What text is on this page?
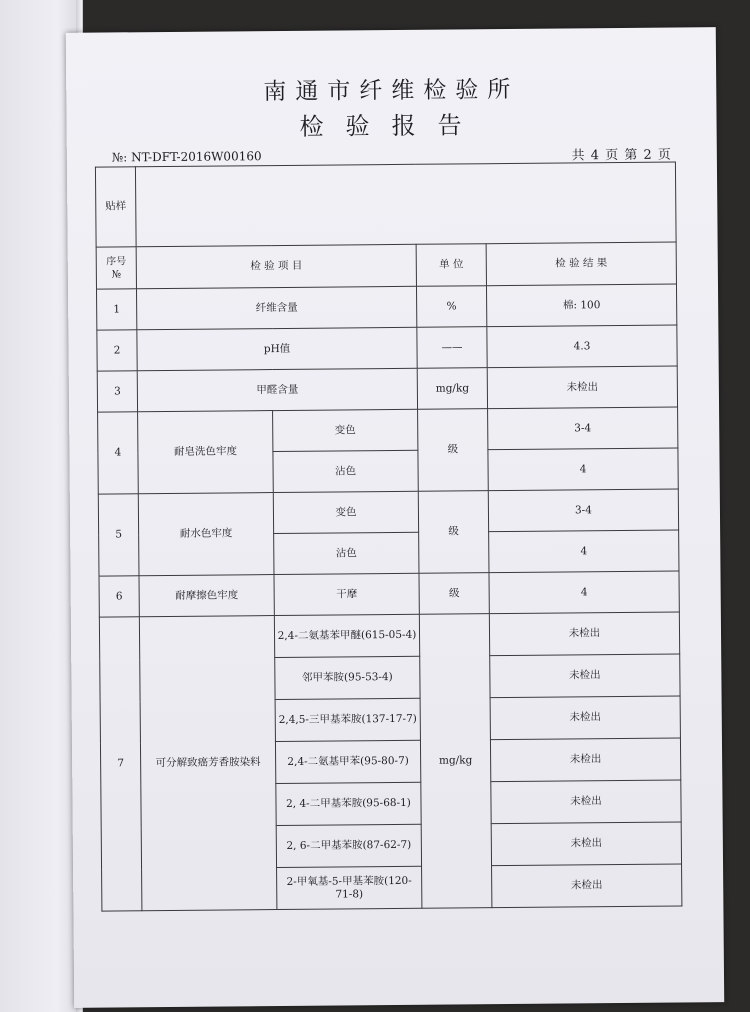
南通市纤维检验所
检验报告
№: NT-DFT-2016W00160	共 4 页 第 2 页
贴样				
序号
№	检 验 项 目		单 位	检 验 结 果
1	纤维含量		%	棉: 100
2	pH值		——	4.3
3	甲醛含量		mg/kg	未检出
4	耐皂洗色牢度	变色	级	3-4
		沾色		4
5	耐水色牢度	变色	级	3-4
		沾色		4
6	耐摩擦色牢度	干摩	级	4
7	可分解致癌芳香胺染料	2,4-二氨基苯甲醚(615-05-4)	mg/kg	未检出
		邻甲苯胺(95-53-4)		未检出
		2,4,5-三甲基苯胺(137-17-7)		未检出
		2,4-二氨基甲苯(95-80-7)		未检出
		2, 4-二甲基苯胺(95-68-1)		未检出
		2, 6-二甲基苯胺(87-62-7)		未检出
		2-甲氧基-5-甲基苯胺(120-71-8)		未检出
